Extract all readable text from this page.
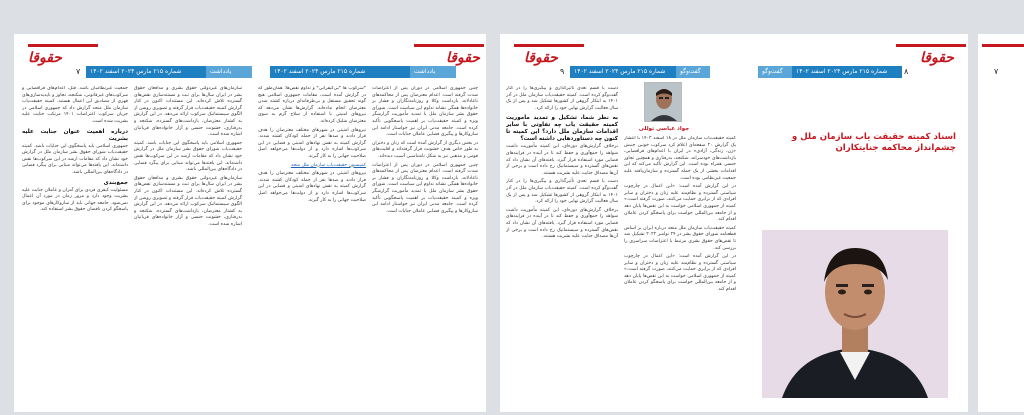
حقوقا
۷	شماره ۲۱۵ مارس ۲۰۲۴ اسفند ۱۴۰۲	یادداشت حقوقی
شماره ۲۱۵ مارس ۲۰۲۴ اسفند ۱۴۰۲	یادداشت حقوقی
حقوقا

جمعیت غیرنظامیان باشد. قتل، اعدام‌های فراقضایی و سرکوب‌های غیرقانونی، شکنجه، تجاوز و ناپدیدسازی‌های قهری از مصادیق این اعمال هستند. کمیته حقیقت‌یاب سازمان ملل متحد گزارش داد که جمهوری اسلامی در جریان سرکوب اعتراضات ۱۴۰۱ مرتکب جنایت علیه بشریت شده است.

درباره اهمیت عنوان جنایت علیه بشریت

جمهوری اسلامی باید پاسخگوی این جنایات باشد. کمیته حقیقت‌یاب شورای حقوق بشر سازمان ملل در گزارش خود نشان داد که مقامات ارشد در این سرکوب‌ها نقش داشته‌اند. این یافته‌ها می‌تواند مبنایی برای پیگرد قضایی در دادگاه‌های بین‌المللی باشد.

جمع‌بندی

مسئولیت کیفری فردی برای آمران و عاملان جنایت علیه بشریت وجود دارد و مرور زمان در مورد آن اعمال نمی‌شود. جامعه جهانی باید از سازوکارهای موجود برای پاسخگو کردن ناقضان حقوق بشر استفاده کند.

سازمان‌های غیردولتی حقوق بشری و مدافعان حقوق بشر در ایران سال‌ها برای ثبت و مستندسازی نقض‌های گسترده تلاش کرده‌اند. این مستندات اکنون در کنار گزارش کمیته حقیقت‌یاب قرار گرفته و تصویری روشن از الگوی سیستماتیک سرکوب ارائه می‌دهد. در این گزارش به کشتار معترضان، بازداشت‌های گسترده، شکنجه و بدرفتاری، خشونت جنسی و آزار خانواده‌های قربانیان اشاره شده است.

جمهوری اسلامی باید پاسخگوی این جنایات باشد. کمیته حقیقت‌یاب شورای حقوق بشر سازمان ملل در گزارش خود نشان داد که مقامات ارشد در این سرکوب‌ها نقش داشته‌اند. این یافته‌ها می‌تواند مبنایی برای پیگرد قضایی در دادگاه‌های بین‌المللی باشد.

سازمان‌های غیردولتی حقوق بشری و مدافعان حقوق بشر در ایران سال‌ها برای ثبت و مستندسازی نقض‌های گسترده تلاش کرده‌اند. این مستندات اکنون در کنار گزارش کمیته حقیقت‌یاب قرار گرفته و تصویری روشن از الگوی سیستماتیک سرکوب ارائه می‌دهد. در این گزارش به کشتار معترضان، بازداشت‌های گسترده، شکنجه و بدرفتاری، خشونت جنسی و آزار خانواده‌های قربانیان اشاره شده است.

*سرکوب ها *بی‌کیفرانی* و تداوم نقض‌ها: همان‌طور که در گزارش آمده است، مقامات جمهوری اسلامی هیچ گونه تحقیق مستقل و بی‌طرفانه‌ای درباره کشته شدن معترضان انجام نداده‌اند. گزارش‌ها نشان می‌دهد که نیروهای امنیتی با استفاده از سلاح گرم به سوی معترضان شلیک کرده‌اند.

نیروهای امنیتی در شهرهای مختلف معترضان را هدف قرار دادند و صدها نفر از جمله کودکان کشته شدند. گزارش کمیته به نقش نهادهای امنیتی و قضایی در این سرکوب‌ها اشاره دارد و از دولت‌ها می‌خواهد اصل صلاحیت جهانی را به کار گیرند.

کمیسیون حقیقت‌یاب سازمان ملل متحد

نیروهای امنیتی در شهرهای مختلف معترضان را هدف قرار دادند و صدها نفر از جمله کودکان کشته شدند. گزارش کمیته به نقش نهادهای امنیتی و قضایی در این سرکوب‌ها اشاره دارد و از دولت‌ها می‌خواهد اصل صلاحیت جهانی را به کار گیرند.

چنین جمهوری اسلامی در دوران پس از اعتراضات شدت گرفته است. اعدام معترضان پس از محاکمه‌های ناعادلانه، بازداشت وکلا و روزنامه‌نگاران و فشار بر خانواده‌ها همگی نشانه تداوم این سیاست است. شورای حقوق بشر سازمان ملل با تمدید مأموریت گزارشگر ویژه و کمیته حقیقت‌یاب بر اهمیت پاسخگویی تأکید کرده است. جامعه مدنی ایران نیز خواستار ادامه این سازوکارها و پیگیری قضایی عاملان جنایات است.

در بخش دیگری از گزارش آمده است که زنان و دختران به طور خاص هدف خشونت قرار گرفته‌اند و اقلیت‌های قومی و مذهبی نیز به شکل نامتناسبی آسیب دیده‌اند.

چنین جمهوری اسلامی در دوران پس از اعتراضات شدت گرفته است. اعدام معترضان پس از محاکمه‌های ناعادلانه، بازداشت وکلا و روزنامه‌نگاران و فشار بر خانواده‌ها همگی نشانه تداوم این سیاست است. شورای حقوق بشر سازمان ملل با تمدید مأموریت گزارشگر ویژه و کمیته حقیقت‌یاب بر اهمیت پاسخگویی تأکید کرده است. جامعه مدنی ایران نیز خواستار ادامه این سازوکارها و پیگیری قضایی عاملان جنایات است.

حقوقا
۹	شماره ۲۱۵ مارس ۲۰۲۴ اسفند ۱۴۰۲	گفت‌وگو	گفت‌وگو	شماره ۲۱۵ مارس ۲۰۲۴ اسفند ۱۴۰۲	۸
حقوقا

دست یا قسم تعدی تأثیرگذاری و پیگیری‌ها را در کنار گفت‌وگو کرده است. کمیته حقیقت‌یاب سازمان ملل در آذر ۱۴۰۱ به ابتکار گروهی از کشورها تشکیل شد و پس از یک سال فعالیت گزارش نهایی خود را ارائه کرد.

به نظر شما، تشکیل و تمدید ماموریت کمیته حقیقت یاب چه تفاوتی با سایر اقدامات سازمان ملل دارد؟ این کمیته تا کنون چه دستاوردهایی داشته است؟

برخلاف گزارش‌های دوره‌ای، این کمیته مأموریت داشت شواهد را جمع‌آوری و حفظ کند تا در آینده در فرایندهای قضایی مورد استفاده قرار گیرد. یافته‌های آن نشان داد که نقض‌های گسترده و سیستماتیک رخ داده است و برخی از آن‌ها مصداق جنایت علیه بشریت هستند.

دست یا قسم تعدی تأثیرگذاری و پیگیری‌ها را در کنار گفت‌وگو کرده است. کمیته حقیقت‌یاب سازمان ملل در آذر ۱۴۰۱ به ابتکار گروهی از کشورها تشکیل شد و پس از یک سال فعالیت گزارش نهایی خود را ارائه کرد.

برخلاف گزارش‌های دوره‌ای، این کمیته مأموریت داشت شواهد را جمع‌آوری و حفظ کند تا در آینده در فرایندهای قضایی مورد استفاده قرار گیرد. یافته‌های آن نشان داد که نقض‌های گسترده و سیستماتیک رخ داده است و برخی از آن‌ها مصداق جنایت علیه بشریت هستند.

جواد عباسی توللی

کمیته حقیقت‌یاب سازمان ملل در ۱۸ اسفند ۱۴۰۲ با انتشار یک گزارش ۲۰ صفحه‌ای اعلام کرد سرکوب خونین جنبش «زن، زندگی، آزادی» در ایران با اعدام‌های فراقضایی، بازداشت‌های خودسرانه، شکنجه، بدرفتاری و همچنین تجاوز جنسی همراه بوده است. این گزارش تأکید می‌کند که این اقدامات بخشی از یک حمله گسترده و سازمان‌یافته علیه جمعیت غیرنظامی بوده است.

در این گزارش آمده است: «این اعمال در چارچوب سیاستی گسترده و نظام‌مند علیه زنان و دختران و سایر افرادی که از برابری حمایت می‌کنند، صورت گرفته است.» کمیته از جمهوری اسلامی خواست به این نقض‌ها پایان دهد و از جامعه بین‌المللی خواست برای پاسخگو کردن عاملان اقدام کند.

کمیته حقیقت‌یاب سازمان ملل متحد درباره ایران بر اساس قطعنامه شورای حقوق بشر در ۲۴ نوامبر ۲۰۲۲ تشکیل شد تا نقض‌های حقوق بشری مرتبط با اعتراضات سراسری را بررسی کند.

در این گزارش آمده است: «این اعمال در چارچوب سیاستی گسترده و نظام‌مند علیه زنان و دختران و سایر افرادی که از برابری حمایت می‌کنند، صورت گرفته است.» کمیته از جمهوری اسلامی خواست به این نقض‌ها پایان دهد و از جامعه بین‌المللی خواست برای پاسخگو کردن عاملان اقدام کند.

اسناد کمیته حقیقت یاب سازمان ملل و چشم‌انداز محاکمه جنایتکاران
۷
